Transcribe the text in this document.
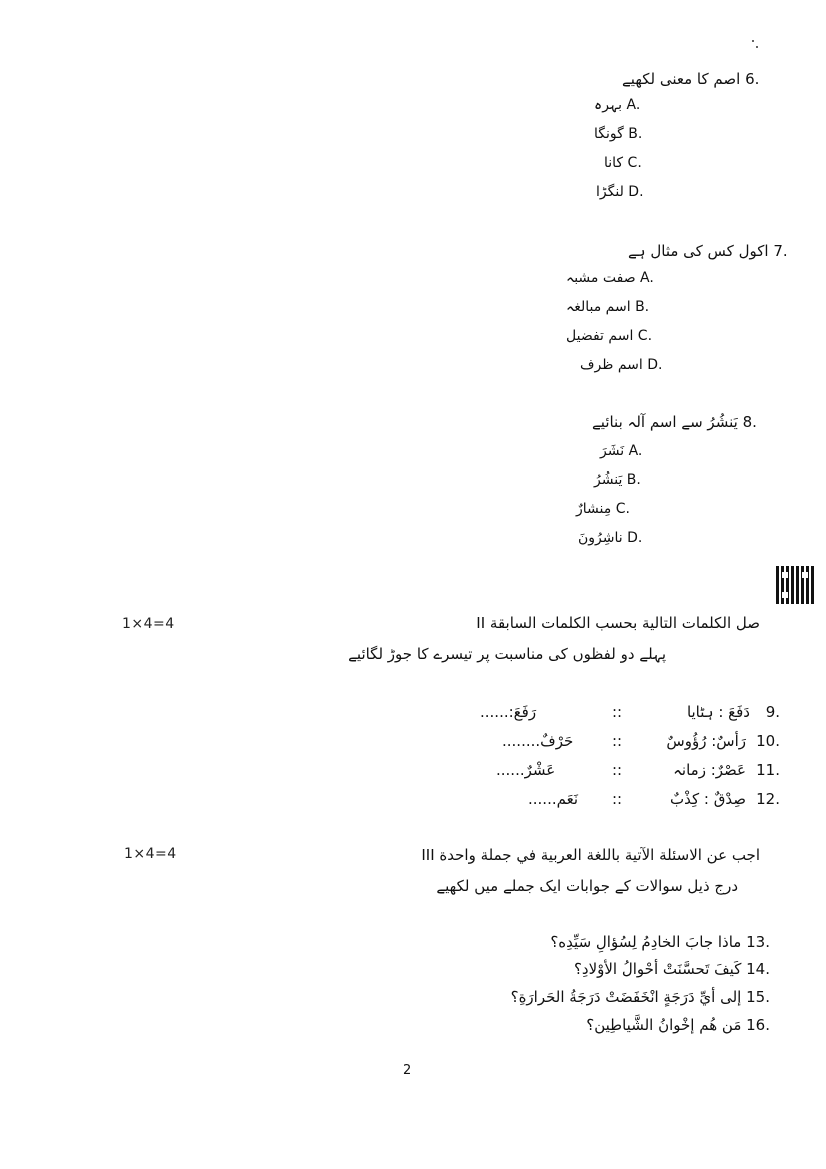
اصم کا معنی لکھیے 6.
بہرہ A.
گونگا B.
کانا C.
لنگڑا D.
اکول کس کی مثال ہے 7.
صفت مشبہ A.
اسم مبالغہ B.
اسم تفضیل C.
اسم ظرف D.
یَنشُرُ سے اسم آلہ بنائیے 8.
نَشَرَ A.
یَنشُرُ B.
مِنشارٌ C.
ناشِرُونَ D.
1×4=4	II صل الكلمات التالية بحسب الكلمات السابقة
پہلے دو لفظوں کی مناسبت پر تیسرے کا جوڑ لگائیے
9.
دَفَعَ : ہٹایا
::
......رَفَعَ:
10.
رَأسٌ: رُؤُوسٌ
::
........حَرْفٌ
11.
عَصْرٌ: زمانہ
::
......عَشْرٌ
12.
صِدْقٌ : كِذْبٌ
::
......نَعَم
1×4=4	III اجب عن الاسئلة الآتية باللغة العربية في جملة واحدة
درج ذیل سوالات کے جوابات ایک جملے میں لکھیے
ماذا جابَ الخادِمُ لِسُؤالِ سَيِّدِه؟ 13.
كَيفَ تَحسَّنَتْ أحْوالُ الأوْلادِ؟ 14.
إلى أيِّ دَرَجَةٍ انْخَفَضَتْ دَرَجَةُ الحَرارَةِ؟ 15.
مَن هُم إخْوانُ الشَّياطِين؟ 16.
2
